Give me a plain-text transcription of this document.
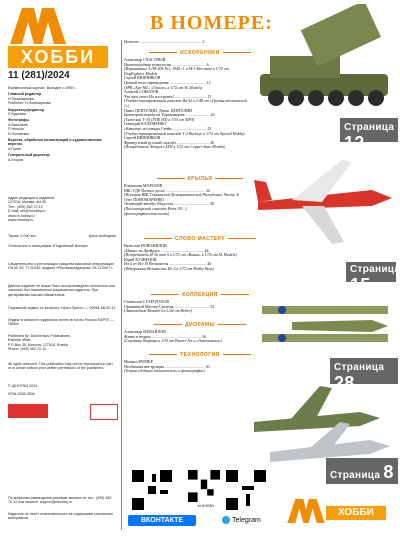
ХОББИ
11 (281)/2024
Ежемесячный журнал. Выходит с 1995 г.
Главный редактор
Н.Полякарпова
Publisher: Н.Полякарпова
Корректор/редактор
Л.Бушкова
Фотографы
А.Васильев
П.Нельзя
И.Поповских
Верстка, обработка иллюстраций и художественная вёрстка
А.Гусев
Генеральный директор
А.Егоров
Адрес редакции и издателя:
127018, Москва, а/я 35
Тел.: (499) 450-72-12
E-mail: mh@mhobby.ru
www.m-hobby.ru
www.mhobby.ru
Тираж: 3 000 экз.	Цена свободная
Отпечатано в типографии «Подлинный Вектор»
Свидетельство о регистрации средства массовой информации ПИ № ФС 77-30182, выдано «Россвязьнадзором» 25.11.2007 г.
Данное издание не может быть воспроизведено полностью или частично без письменного разрешения издателя. При цитировании ссылка обязательна.
Подписной индекс по каталогу «Урал-Пресс» — 90998 АВ-90-12
Индекс в каталоге подписных агентств почты России ПАРТЕ — П8904
Published by: Dolzhenkov Publications
Editorial office:
P.O.Box 35, Moscow, 127018, Russia
Phone: (499) 450-72-12
All rights reserved. This publication may not be reproduced in part or in whole without prior written permission of the publishers.
© ЦЕНТРАЗ 2024
ISSN 0208-0508
По вопросам размещения рекламы звоните по тел.: (499) 450-72-12 или пишите: support@mhobby.ru
Издатель не несёт ответственности за содержание рекламных материалов.
В НОМЕРЕ:
Новости .............................................................. 2
ИСКОРЕНИКИ
Александр СЧАСТНЫЙ
Иконоподобная технология .................................. 6
(Израиевание А (М-209 Nr), 1945+1 и М-3 Sherman) в 1/72 от DogFighters Models
Сергей ВИШНЯКОВ
Цепной ноло-переведение .................................... 12
(ЗРК «Бук-М1» «Ганьзо» в 1/72 от W. Models)
Алексей СОКОЛОВ
Что нам стоит Ил построить? ............................... 15
(Учебно-тренировочный самолёт Як-52 в 1/48 от «Группы технической 1»)
Павел ЦЕПТЕЛИН, Денис ЦЕПТЕЛИН
Бронетранспортёр на Харьковщине ........................ 20
(Тяжёлый Т-34 (УПЕ ИЗ) в 1/35 от ЗИЧ)
Геннадий КАЛЕМЕНКО
«Кавалер» из плеяды Стейн .................................. 23
(Учебно-тренировочный самолёт Т-2 Buckeye в 1/72 от Special Hobby)
Сергей ВИШНЯКОВ
Французский русский самолёт ................................ 26
(Истребитель Nieuport XXII в 1/32 от Copper State Models)
КРЫЛЬЯ
Владислав МОРОЗОВ
ВВС ГДР. Полное досье ....................................... 32
(История ВВС Германской Демократической Республики. Часть 3)
Олег ПОНОМАРЕНКО
Летающий автобус Мадолли ................................... 38
(Пассажирский самолёт Potez 39/...)
(фотографическая часть)
СЛОВО МАСТЕРУ
Вячеслав НОВОЖИЛОВ
«Ишак» из Дрэйдаса ........................................... 44
(Истребитель И-16 тип 5 в 1/72 от «Вояки» в 1/35 от SL Models)
Юрий КУЗНЕЦОВ
Ил-2 от Ил-10 Вельмисты ..................................... 46
(Штурмовик Вельмисты Ил-2 в 1/72 от Hobby Boss)
КОЛЛЕКЦИЯ
Станислав СТАРОДУБОВ
Оранжевый Мастер-Система ................................... 52
(Автомобиль Renault 4 в 1/24 от Heller)
ДИОРАМЫ
Александр ИЗМАЙЛОВ
Жизнь в недрах ................................................. 56
(Серийная диорама в 1/35 от Panzer Art и «Ачкёшенька»)
ТЕХНОЛОГИЯ
Михаил РАТНЕР
Необычная инструкция ........................................ 61
(Теория удобного технического и фотографии)
Страница 12
Страница 15
Страница 28
Страница 8
ВКОНТАКТЕ
M-HOBBY
Telegram
ХОББИ
